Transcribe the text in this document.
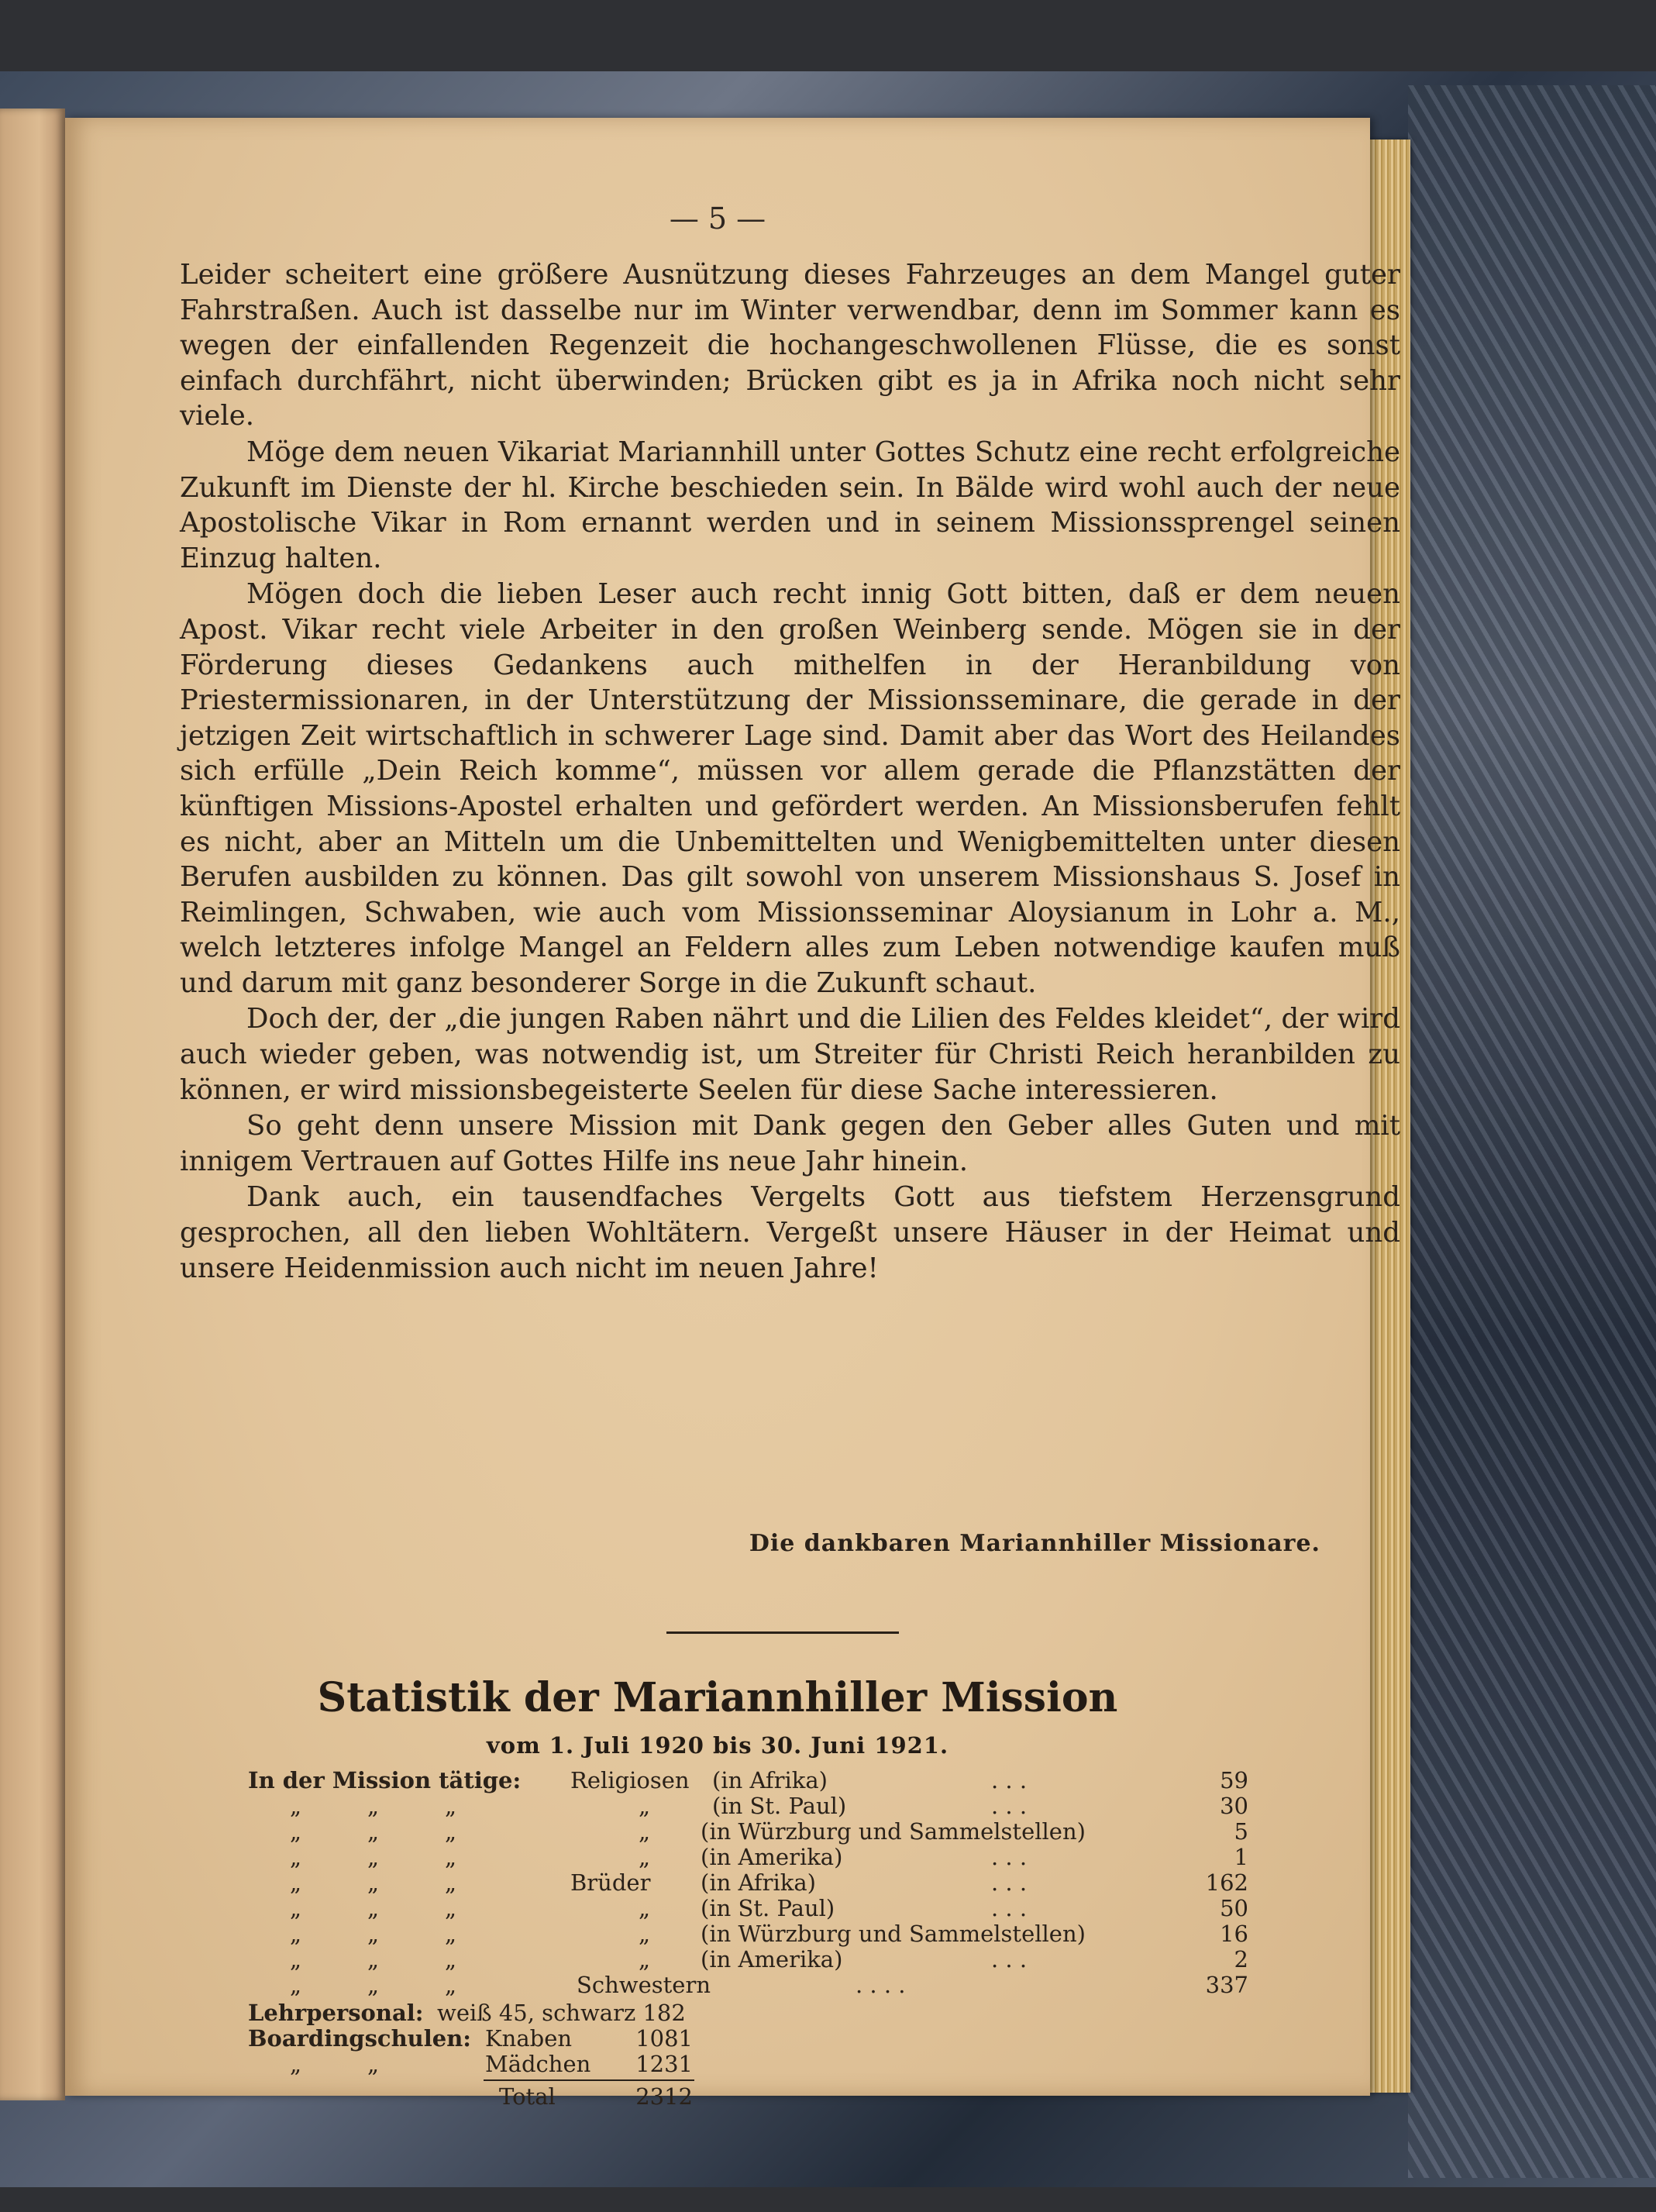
— 5 —

Leider scheitert eine größere Ausnützung dieses Fahrzeuges an dem Mangel guter Fahrstraßen. Auch ist dasselbe nur im Winter verwendbar, denn im Sommer kann es wegen der einfallenden Regenzeit die hochangeschwollenen Flüsse, die es sonst einfach durchfährt, nicht überwinden; Brücken gibt es ja in Afrika noch nicht sehr viele.

Möge dem neuen Vikariat Mariannhill unter Gottes Schutz eine recht erfolgreiche Zukunft im Dienste der hl. Kirche beschieden sein. In Bälde wird wohl auch der neue Apostolische Vikar in Rom ernannt werden und in seinem Missionssprengel seinen Einzug halten.

Mögen doch die lieben Leser auch recht innig Gott bitten, daß er dem neuen Apost. Vikar recht viele Arbeiter in den großen Weinberg sende. Mögen sie in der Förderung dieses Gedankens auch mithelfen in der Heranbildung von Priestermissionaren, in der Unterstützung der Missionsseminare, die gerade in der jetzigen Zeit wirtschaftlich in schwerer Lage sind. Damit aber das Wort des Heilandes sich erfülle „Dein Reich komme“, müssen vor allem gerade die Pflanzstätten der künftigen Missions-Apostel erhalten und gefördert werden. An Missionsberufen fehlt es nicht, aber an Mitteln um die Unbemittelten und Wenigbemittelten unter diesen Berufen ausbilden zu können. Das gilt sowohl von unserem Missionshaus S. Josef in Reimlingen, Schwaben, wie auch vom Missionsseminar Aloysianum in Lohr a. M., welch letzteres infolge Mangel an Feldern alles zum Leben notwendige kaufen muß und darum mit ganz besonderer Sorge in die Zukunft schaut.

Doch der, der „die jungen Raben nährt und die Lilien des Feldes kleidet“, der wird auch wieder geben, was notwendig ist, um Streiter für Christi Reich heranbilden zu können, er wird missionsbegeisterte Seelen für diese Sache interessieren.

So geht denn unsere Mission mit Dank gegen den Geber alles Guten und mit innigem Vertrauen auf Gottes Hilfe ins neue Jahr hinein.

Dank auch, ein tausendfaches Vergelts Gott aus tiefstem Herzensgrund gesprochen, all den lieben Wohltätern. Vergeßt unsere Häuser in der Heimat und unsere Heidenmission auch nicht im neuen Jahre!

Die dankbaren Mariannhiller Missionare.
Statistik der Mariannhiller Mission
vom 1. Juli 1920 bis 30. Juni 1921.
In der Mission tätige: Religiosen (in Afrika)	. . .	59
„	„	„	„	(in St. Paul)	. . .	30
„	„	„	„ (in Würzburg und Sammelstellen)	5
„	„	„	„ (in Amerika)	. . .	1
„	„	„	Brüder (in Afrika)	. . .	162
„	„	„	„ (in St. Paul)	. . .	50
„	„	„	„ (in Würzburg und Sammelstellen)	16
„	„	„	„ (in Amerika)	. . .	2
„	„	„	Schwestern	. . . .	337
Lehrpersonal: weiß 45, schwarz 182
Boardingschulen: Knaben	1081
„	„	Mädchen	1231
Total	2312
